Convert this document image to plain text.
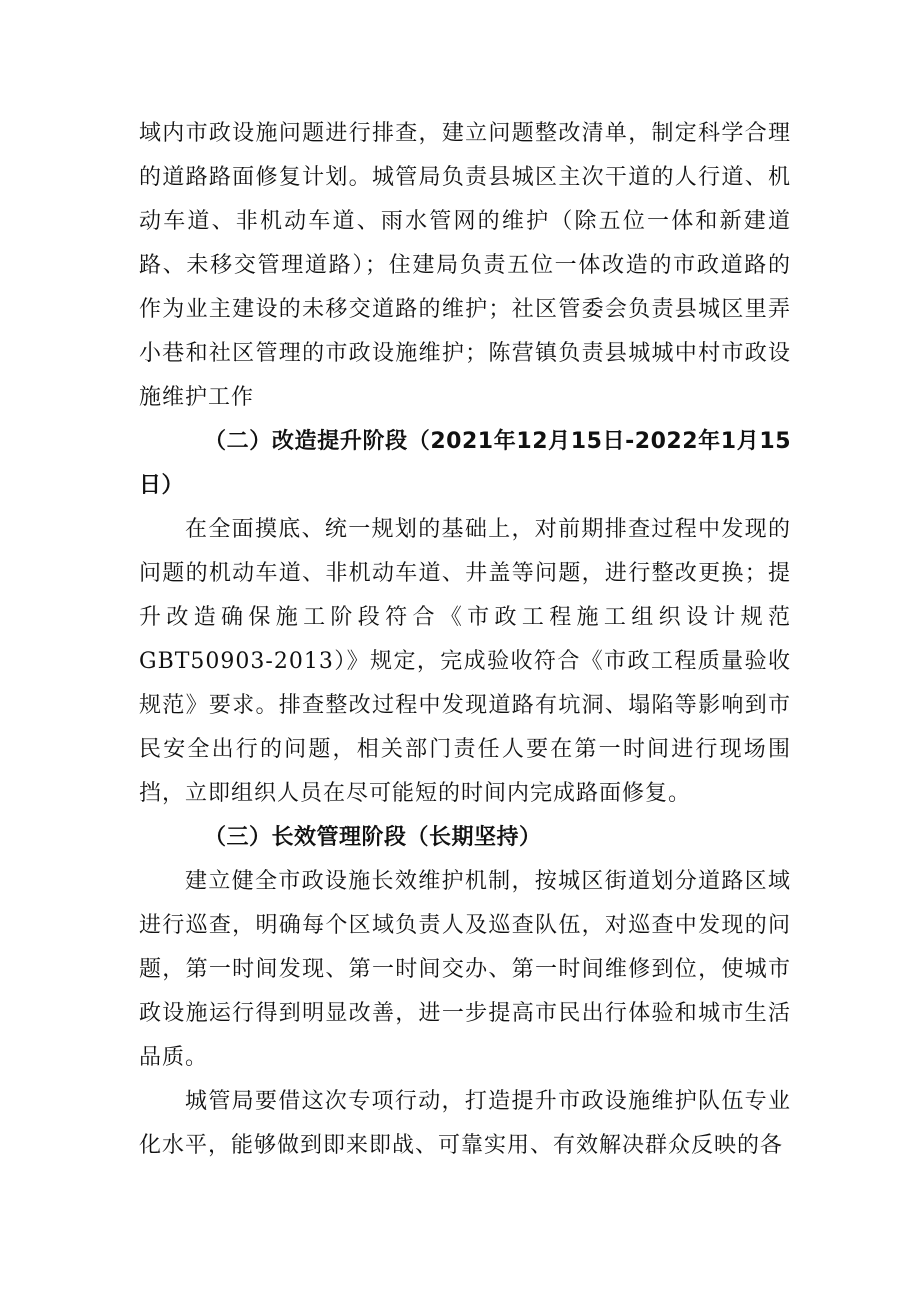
域内市政设施问题进行排查，建立问题整改清单，制定科学合理的道路路面修复计划。城管局负责县城区主次干道的人行道、机动车道、非机动车道、雨水管网的维护（除五位一体和新建道路、未移交管理道路）；住建局负责五位一体改造的市政道路的作为业主建设的未移交道路的维护；社区管委会负责县城区里弄小巷和社区管理的市政设施维护；陈营镇负责县城城中村市政设施维护工作

（二）改造提升阶段（2021年12月15日-2022年1月15日）

在全面摸底、统一规划的基础上，对前期排查过程中发现的问题的机动车道、非机动车道、井盖等问题，进行整改更换；提升改造确保施工阶段符合《市政工程施工组织设计规范GBT50903-2013）》规定，完成验收符合《市政工程质量验收规范》要求。排查整改过程中发现道路有坑洞、塌陷等影响到市民安全出行的问题，相关部门责任人要在第一时间进行现场围挡，立即组织人员在尽可能短的时间内完成路面修复。

（三）长效管理阶段（长期坚持）

建立健全市政设施长效维护机制，按城区街道划分道路区域进行巡查，明确每个区域负责人及巡查队伍，对巡查中发现的问题，第一时间发现、第一时间交办、第一时间维修到位，使城市政设施运行得到明显改善，进一步提高市民出行体验和城市生活品质。

城管局要借这次专项行动，打造提升市政设施维护队伍专业化水平，能够做到即来即战、可靠实用、有效解决群众反映的各
